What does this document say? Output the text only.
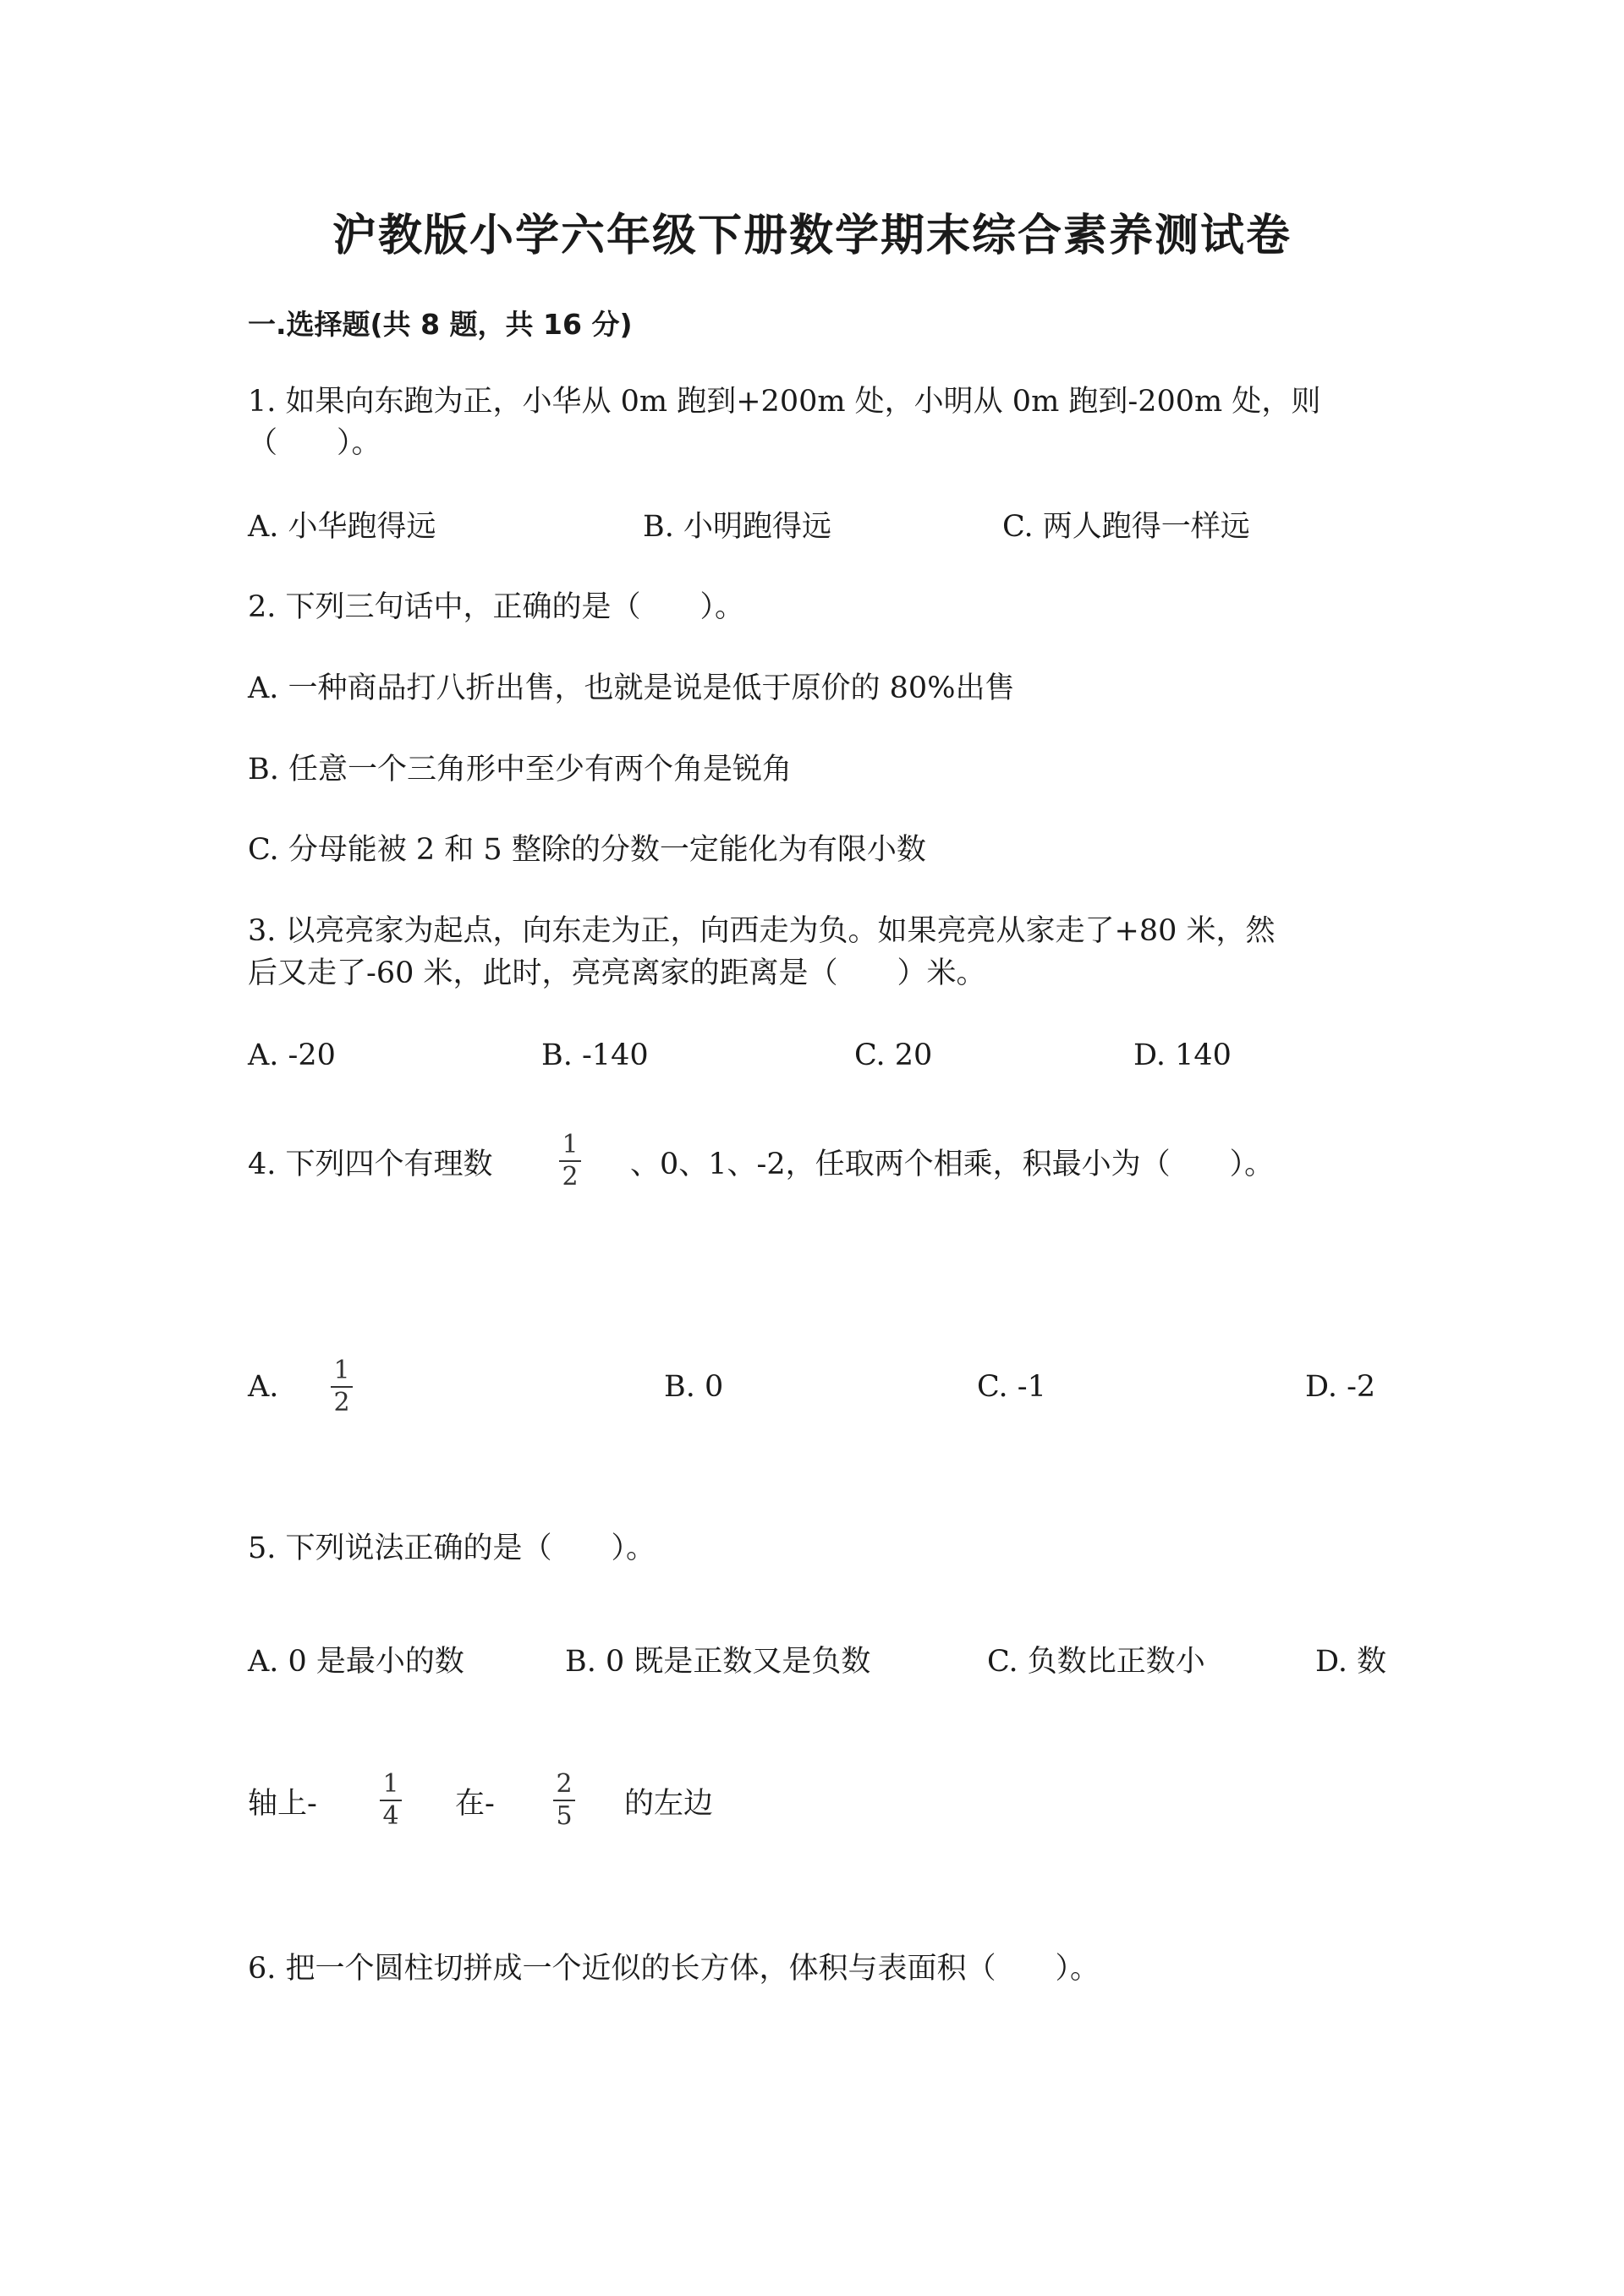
沪教版小学六年级下册数学期末综合素养测试卷
一.选择题(共 8 题，共 16 分)
1. 如果向东跑为正，小华从 0m 跑到+200m 处，小明从 0m 跑到-200m 处，则
（　　）。
A. 小华跑得远	B. 小明跑得远	C. 两人跑得一样远
2. 下列三句话中，正确的是（　　）。
A. 一种商品打八折出售，也就是说是低于原价的 80%出售
B. 任意一个三角形中至少有两个角是锐角
C. 分母能被 2 和 5 整除的分数一定能化为有限小数
3. 以亮亮家为起点，向东走为正，向西走为负。如果亮亮从家走了+80 米，然
后又走了-60 米，此时，亮亮离家的距离是（　　）米。
A. -20	B. -140	C. 20	D. 140
4. 下列四个有理数
1
2 、0、1、-2，任取两个相乘，积最小为（　　）。
A. 1
2	B. 0	C. -1	D. -2
5. 下列说法正确的是（　　）。
A. 0 是最小的数	B. 0 既是正数又是负数	C. 负数比正数小	D. 数
轴上-
1
4 在-
2
5 的左边
6. 把一个圆柱切拼成一个近似的长方体，体积与表面积（　　）。
